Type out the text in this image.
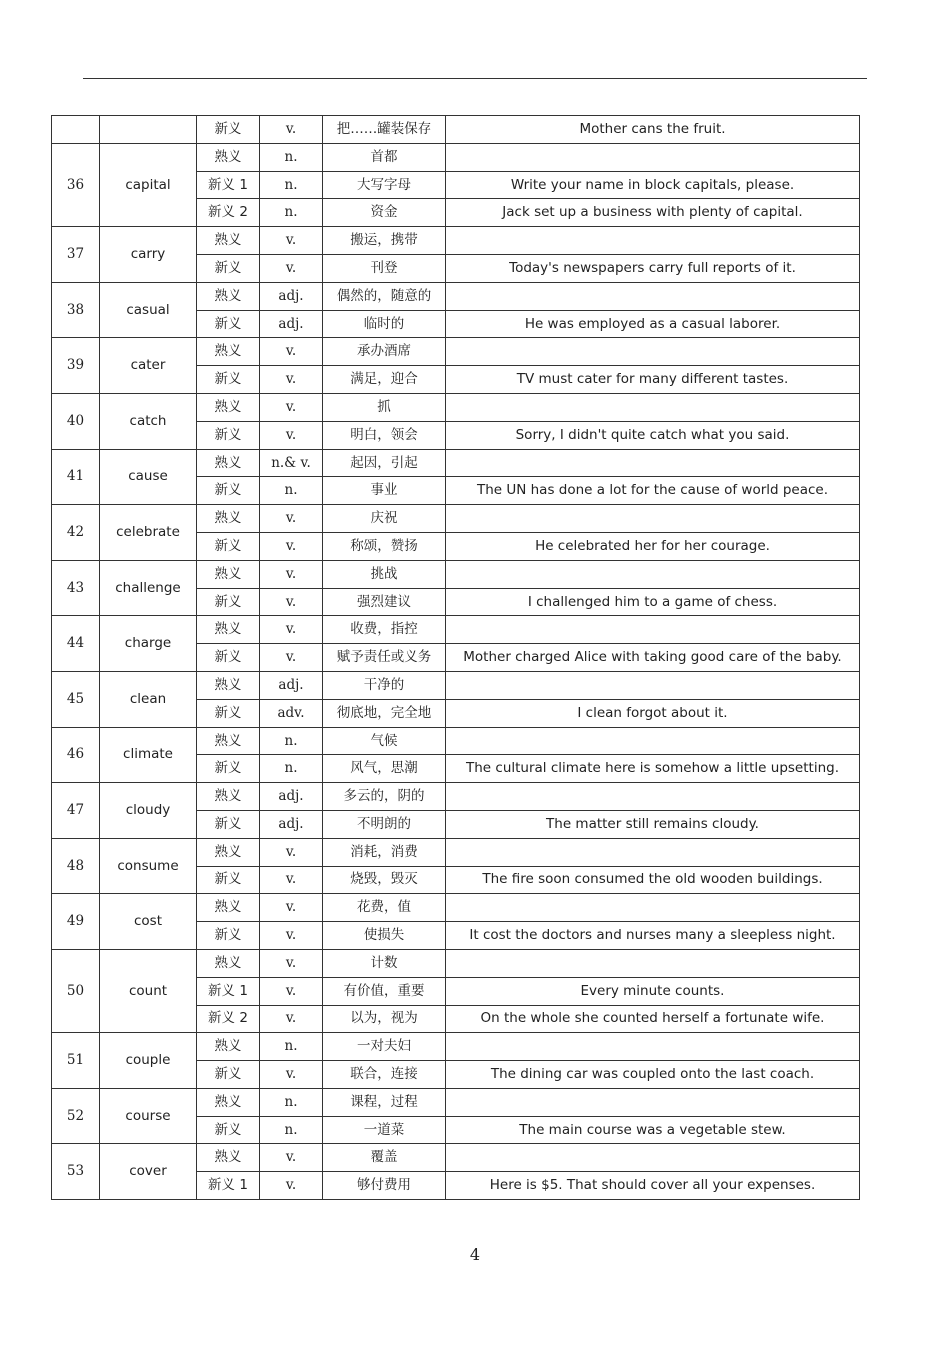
		新义	v.	把……罐装保存	Mother cans the fruit.
36	capital	熟义	n.	首都	
		新义 1	n.	大写字母	Write your name in block capitals, please.
		新义 2	n.	资金	Jack set up a business with plenty of capital.
37	carry	熟义	v.	搬运，携带	
		新义	v.	刊登	Today's newspapers carry full reports of it.
38	casual	熟义	adj.	偶然的，随意的	
		新义	adj.	临时的	He was employed as a casual laborer.
39	cater	熟义	v.	承办酒席	
		新义	v.	满足，迎合	TV must cater for many different tastes.
40	catch	熟义	v.	抓	
		新义	v.	明白，领会	Sorry, I didn't quite catch what you said.
41	cause	熟义	n.& v.	起因，引起	
		新义	n.	事业	The UN has done a lot for the cause of world peace.
42	celebrate	熟义	v.	庆祝	
		新义	v.	称颂，赞扬	He celebrated her for her courage.
43	challenge	熟义	v.	挑战	
		新义	v.	强烈建议	I challenged him to a game of chess.
44	charge	熟义	v.	收费，指控	
		新义	v.	赋予责任或义务	Mother charged Alice with taking good care of the baby.
45	clean	熟义	adj.	干净的	
		新义	adv.	彻底地，完全地	I clean forgot about it.
46	climate	熟义	n.	气候	
		新义	n.	风气，思潮	The cultural climate here is somehow a little upsetting.
47	cloudy	熟义	adj.	多云的，阴的	
		新义	adj.	不明朗的	The matter still remains cloudy.
48	consume	熟义	v.	消耗，消费	
		新义	v.	烧毁，毁灭	The fire soon consumed the old wooden buildings.
49	cost	熟义	v.	花费，值	
		新义	v.	使损失	It cost the doctors and nurses many a sleepless night.
50	count	熟义	v.	计数	
		新义 1	v.	有价值，重要	Every minute counts.
		新义 2	v.	以为，视为	On the whole she counted herself a fortunate wife.
51	couple	熟义	n.	一对夫妇	
		新义	v.	联合，连接	The dining car was coupled onto the last coach.
52	course	熟义	n.	课程，过程	
		新义	n.	一道菜	The main course was a vegetable stew.
53	cover	熟义	v.	覆盖	
		新义 1	v.	够付费用	Here is $5. That should cover all your expenses.
4
